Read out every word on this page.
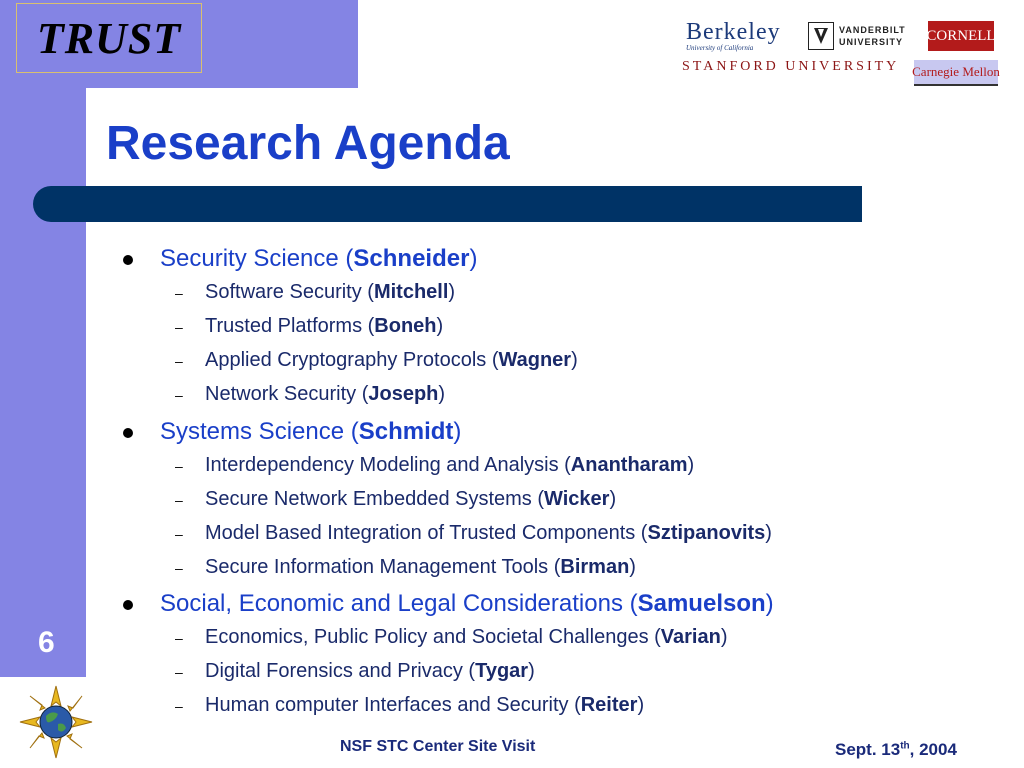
TRUST	Berkeley
University of California
VANDERBILT
UNIVERSITY CORNELL
STANFORD UNIVERSITY Carnegie Mellon
Research Agenda
6
Security Science (Schneider)
– Software Security (Mitchell)
– Trusted Platforms (Boneh)
– Applied Cryptography Protocols (Wagner)
– Network Security (Joseph)
Systems Science (Schmidt)
– Interdependency Modeling and Analysis (Anantharam)
– Secure Network Embedded Systems (Wicker)
– Model Based Integration of Trusted Components (Sztipanovits)
– Secure Information Management Tools (Birman)
Social, Economic and Legal Considerations (Samuelson)
– Economics, Public Policy and Societal Challenges (Varian)
– Digital Forensics and Privacy (Tygar)
– Human computer Interfaces and Security (Reiter)
NSF STC Center Site Visit	Sept. 13th, 2004
